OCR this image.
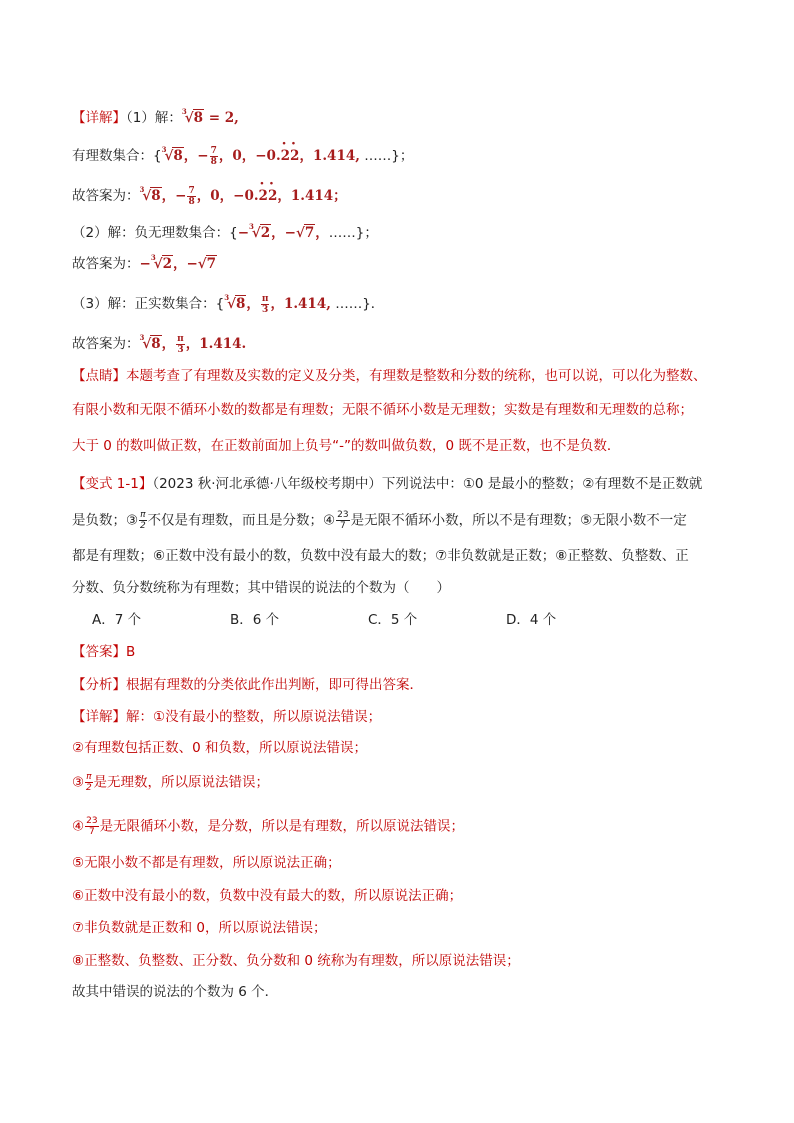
【详解】（1）解：$^3$√8 = 2,
有理数集合：{$^3$√8，− $\frac{7}{8}$ ，0，−0.· 2· 2，1.414, ……}；
故答案为：$^3$√8，− $\frac{7}{8}$ ，0，−0.· 2· 2，1.414；
（2）解：负无理数集合：{−$^3$√2，−√7，……}；
故答案为：−$^3$√2，−√7
（3）解：正实数集合：{$^3$√8， $\frac{\pi}{3}$ ，1.414, ……}．
故答案为：$^3$√8， $\frac{\pi}{3}$ ，1.414.
【点睛】本题考查了有理数及实数的定义及分类，有理数是整数和分数的统称，也可以说，可以化为整数、
有限小数和无限不循环小数的数都是有理数；无限不循环小数是无理数；实数是有理数和无理数的总称；
大于 0 的数叫做正数，在正数前面加上负号“-”的数叫做负数，0 既不是正数，也不是负数．
【变式 1-1】（2023 秋·河北承德·八年级校考期中）下列说法中：①0 是最小的整数；②有理数不是正数就
是负数；③ $\frac{\pi}{2}$ 不仅是有理数，而且是分数；④ $\frac{23}{7}$ 是无限不循环小数，所以不是有理数；⑤无限小数不一定
都是有理数；⑥正数中没有最小的数，负数中没有最大的数；⑦非负数就是正数；⑧正整数、负整数、正
分数、负分数统称为有理数；其中错误的说法的个数为（　　）
A．7 个	B．6 个	C．5 个	D．4 个
【答案】B
【分析】根据有理数的分类依此作出判断，即可得出答案．
【详解】解：①没有最小的整数，所以原说法错误；
②有理数包括正数、0 和负数，所以原说法错误；
③ $\frac{\pi}{2}$ 是无理数，所以原说法错误；
④ $\frac{23}{7}$ 是无限循环小数，是分数，所以是有理数，所以原说法错误；
⑤无限小数不都是有理数，所以原说法正确；
⑥正数中没有最小的数，负数中没有最大的数，所以原说法正确；
⑦非负数就是正数和 0，所以原说法错误；
⑧正整数、负整数、正分数、负分数和 0 统称为有理数，所以原说法错误；
故其中错误的说法的个数为 6 个．
